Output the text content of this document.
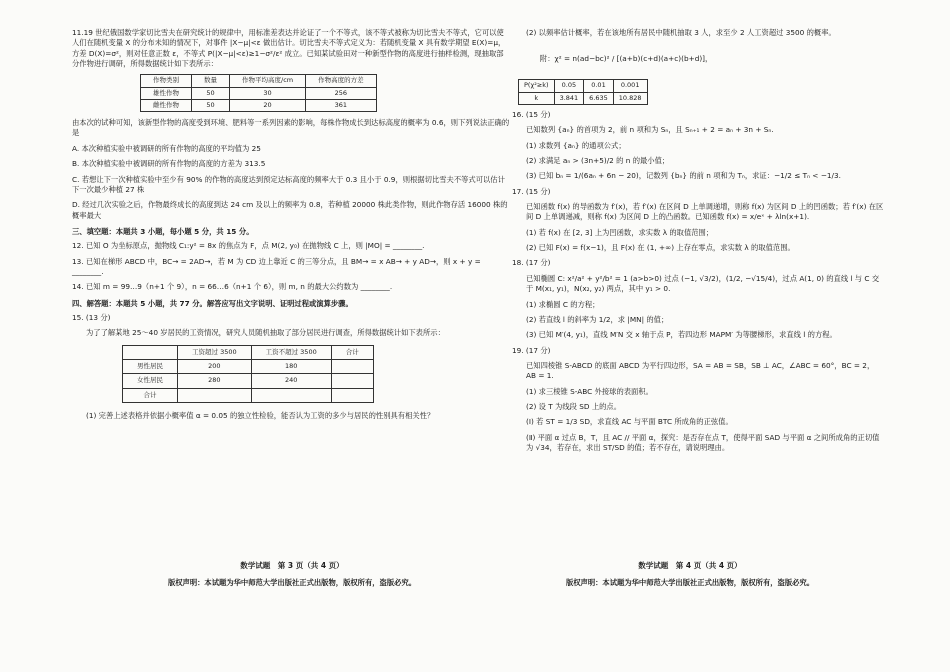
11.19 世纪俄国数学家切比雪夫在研究统计的规律中，用标准差表达并论证了一个不等式，该不等式被称为切比雪夫不等式，它可以使人们在随机变量 X 的分布未知的情况下，对事件 |X−μ|<ε 做出估计。切比雪夫不等式定义为：若随机变量 X 具有数学期望 E(X)=μ，方差 D(X)=σ²，则对任意正数 ε，不等式 P(|X−μ|<ε)≥1−σ²/ε² 成立。已知某试验田对一种新型作物的高度进行抽样检测，现抽取部分作物进行调研，所得数据统计如下表所示：

作物类别	数量	作物平均高度/cm	作物高度的方差
雄性作物	50	30	256
雌性作物	50	20	361

由本次的试种可知，该新型作物的高度受到环境、肥料等一系列因素的影响，每株作物成长到达标高度的概率为 0.6，则下列说法正确的是

A. 本次种植实验中被调研的所有作物的高度的平均值为 25

B. 本次种植实验中被调研的所有作物的高度的方差为 313.5

C. 若想让下一次种植实验中至少有 90% 的作物的高度达到预定达标高度的频率大于 0.3 且小于 0.9，则根据切比雪夫不等式可以估计下一次最少种植 27 株

D. 经过几次实验之后，作物最终成长的高度到达 24 cm 及以上的频率为 0.8，若种植 20000 株此类作物，则此作物存活 16000 株的概率最大

三、填空题：本题共 3 小题，每小题 5 分，共 15 分。

12. 已知 O 为坐标原点，抛物线 C₁:y² = 8x 的焦点为 F，点 M(2, y₀) 在抛物线 C 上，则 |MO| = ________.

13. 已知在梯形 ABCD 中，BC→ = 2AD→，若 M 为 CD 边上靠近 C 的三等分点，且 BM→ = x AB→ + y AD→，则 x + y = ________.

14. 已知 m = 99…9（n+1 个 9），n = 66…6（n+1 个 6），则 m, n 的最大公约数为 ________.

四、解答题：本题共 5 小题，共 77 分。解答应写出文字说明、证明过程或演算步骤。

15. (13 分)

为了了解某地 25～40 岁居民的工资情况，研究人员随机抽取了部分居民进行调查，所得数据统计如下表所示：

	工资超过 3500	工资不超过 3500	合计
男性居民	200	180	
女性居民	280	240	
合计			

(1) 完善上述表格并依据小概率值 α = 0.05 的独立性检验，能否认为工资的多少与居民的性别具有相关性？

(2) 以频率估计概率，若在该地所有居民中随机抽取 3 人，求至少 2 人工资超过 3500 的概率。

附：χ² = n(ad−bc)² / [(a+b)(c+d)(a+c)(b+d)]，

P(χ²≥k)	0.05	0.01	0.001
k	3.841	6.635	10.828

16. (15 分)

已知数列 {aₙ} 的首项为 2，前 n 项和为 Sₙ，且 Sₙ₊₁ + 2 = aₙ + 3n + Sₙ.

(1) 求数列 {aₙ} 的通项公式；

(2) 求满足 aₙ > (3n+5)/2 的 n 的最小值；

(3) 已知 bₙ = 1/(6aₙ + 6n − 20)，记数列 {bₙ} 的前 n 项和为 Tₙ，求证：−1/2 ≤ Tₙ < −1/3.

17. (15 分)

已知函数 f(x) 的导函数为 f′(x)，若 f′(x) 在区间 D 上单调递增，则称 f(x) 为区间 D 上的凹函数；若 f′(x) 在区间 D 上单调递减，则称 f(x) 为区间 D 上的凸函数。已知函数 f(x) = x/eˣ + λln(x+1).

(1) 若 f(x) 在 [2, 3] 上为凹函数，求实数 λ 的取值范围；

(2) 已知 F(x) = f(x−1)，且 F(x) 在 (1, +∞) 上存在零点，求实数 λ 的取值范围。

18. (17 分)

已知椭圆 C: x²/a² + y²/b² = 1 (a>b>0) 过点 (−1, √3/2)，(1/2, −√15/4)，过点 A(1, 0) 的直线 l 与 C 交于 M(x₁, y₁)，N(x₂, y₂) 两点，其中 y₁ > 0.

(1) 求椭圆 C 的方程；

(2) 若直线 l 的斜率为 1/2，求 |MN| 的值；

(3) 已知 M′(4, y₁)，直线 M′N 交 x 轴于点 P，若四边形 MAPM′ 为等腰梯形，求直线 l 的方程。

19. (17 分)

已知四棱锥 S-ABCD 的底面 ABCD 为平行四边形，SA = AB = SB，SB ⊥ AC，∠ABC = 60°，BC = 2，AB = 1.

(1) 求三棱锥 S-ABC 外接球的表面积。

(2) 设 T 为线段 SD 上的点。

(Ⅰ) 若 ST = 1/3 SD，求直线 AC 与平面 BTC 所成角的正弦值。

(Ⅱ) 平面 α 过点 B，T，且 AC // 平面 α，探究：是否存在点 T，使得平面 SAD 与平面 α 之间所成角的正切值为 √34，若存在，求出 ST/SD 的值；若不存在，请说明理由。

数学试题　第 3 页（共 4 页）
版权声明：本试题为华中师范大学出版社正式出版物，版权所有，盗版必究。
数学试题　第 4 页（共 4 页）
版权声明：本试题为华中师范大学出版社正式出版物，版权所有，盗版必究。
